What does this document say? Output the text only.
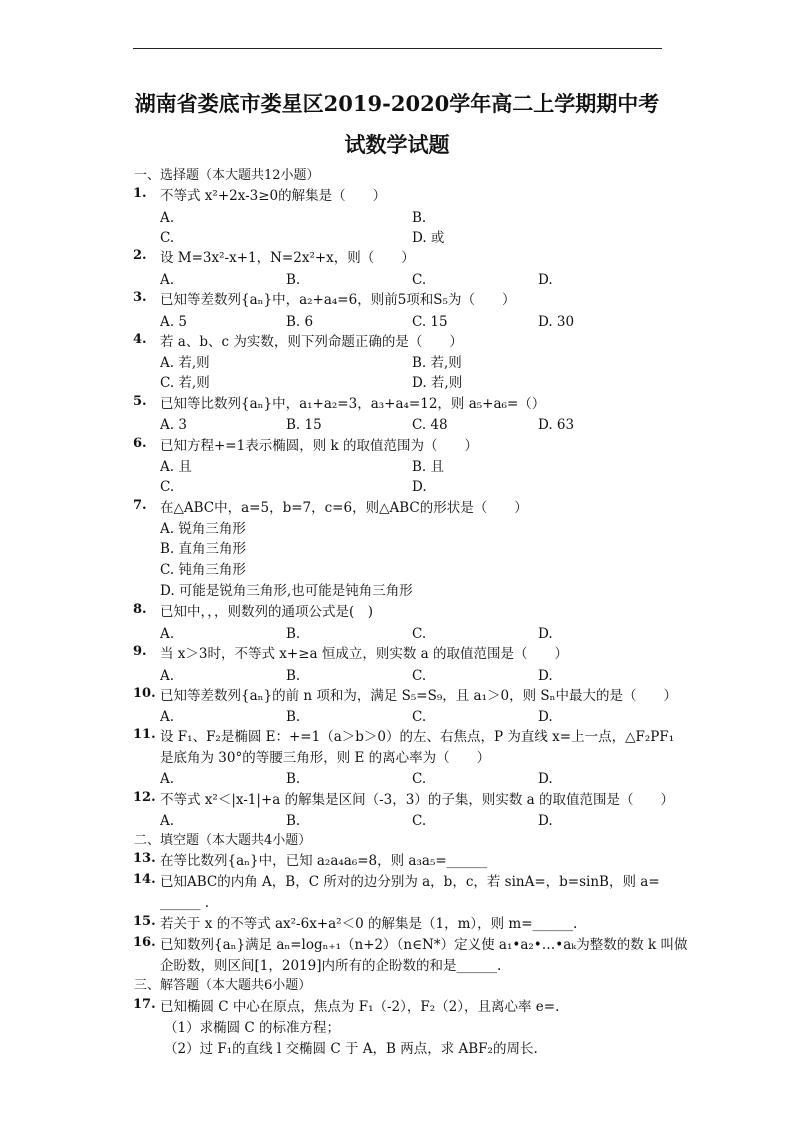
湖南省娄底市娄星区2019-2020学年高二上学期期中考
试数学试题
一、选择题（本大题共12小题）
1. 不等式 x²+2x-3≥0的解集是（　　）
A.	B.
C.	D. 或
2. 设 M=3x²-x+1，N=2x²+x，则（　　）
A.	B.	C.	D.
3. 已知等差数列{aₙ}中，a₂+a₄=6，则前5项和S₅为（　　）
A. 5	B. 6	C. 15	D. 30
4. 若 a、b、c 为实数，则下列命题正确的是（　　）
A. 若,则	B. 若,则
C. 若,则	D. 若,则
5. 已知等比数列{aₙ}中，a₁+a₂=3，a₃+a₄=12，则 a₅+a₆=（）
A. 3	B. 15	C. 48	D. 63
6. 已知方程+=1表示椭圆，则 k 的取值范围为（　　）
A. 且	B. 且
C.	D.
7. 在△ABC中，a=5，b=7，c=6，则△ABC的形状是（　　）
A. 锐角三角形
B. 直角三角形
C. 钝角三角形
D. 可能是锐角三角形,也可能是钝角三角形
8. 已知中，，，则数列的通项公式是(　)
A.	B.	C.	D.
9. 当 x＞3时，不等式 x+≥a 恒成立，则实数 a 的取值范围是（　　）
A.	B.	C.	D.
10. 已知等差数列{aₙ}的前 n 项和为，满足 S₅=S₉，且 a₁＞0，则 Sₙ中最大的是（　　）
A.	B.	C.	D.
11. 设 F₁、F₂是椭圆 E：+=1（a＞b＞0）的左、右焦点，P 为直线 x=上一点，△F₂PF₁
是底角为 30°的等腰三角形，则 E 的离心率为（　　）
A.	B.	C.	D.
12. 不等式 x²＜|x-1|+a 的解集是区间（-3，3）的子集，则实数 a 的取值范围是（　　）
A.	B.	C.	D.
二、填空题（本大题共4小题）
13. 在等比数列{aₙ}中，已知 a₂a₄a₆=8，则 a₃a₅=______
14. 已知ABC的内角 A，B，C 所对的边分别为 a，b，c，若 sinA=，b=sinB，则 a=
______ .
15. 若关于 x 的不等式 ax²-6x+a²＜0 的解集是（1，m），则 m=______.
16. 已知数列{aₙ}满足 aₙ=logₙ₊₁（n+2）（n∈N*）定义使 a₁•a₂•…•aₖ为整数的数 k 叫做
企盼数，则区间[1，2019]内所有的企盼数的和是______.
三、解答题（本大题共6小题）
17. 已知椭圆 C 中心在原点，焦点为 F₁（-2），F₂（2），且离心率 e=.
（1）求椭圆 C 的标准方程；
（2）过 F₁的直线 l 交椭圆 C 于 A，B 两点，求 ABF₂的周长.
